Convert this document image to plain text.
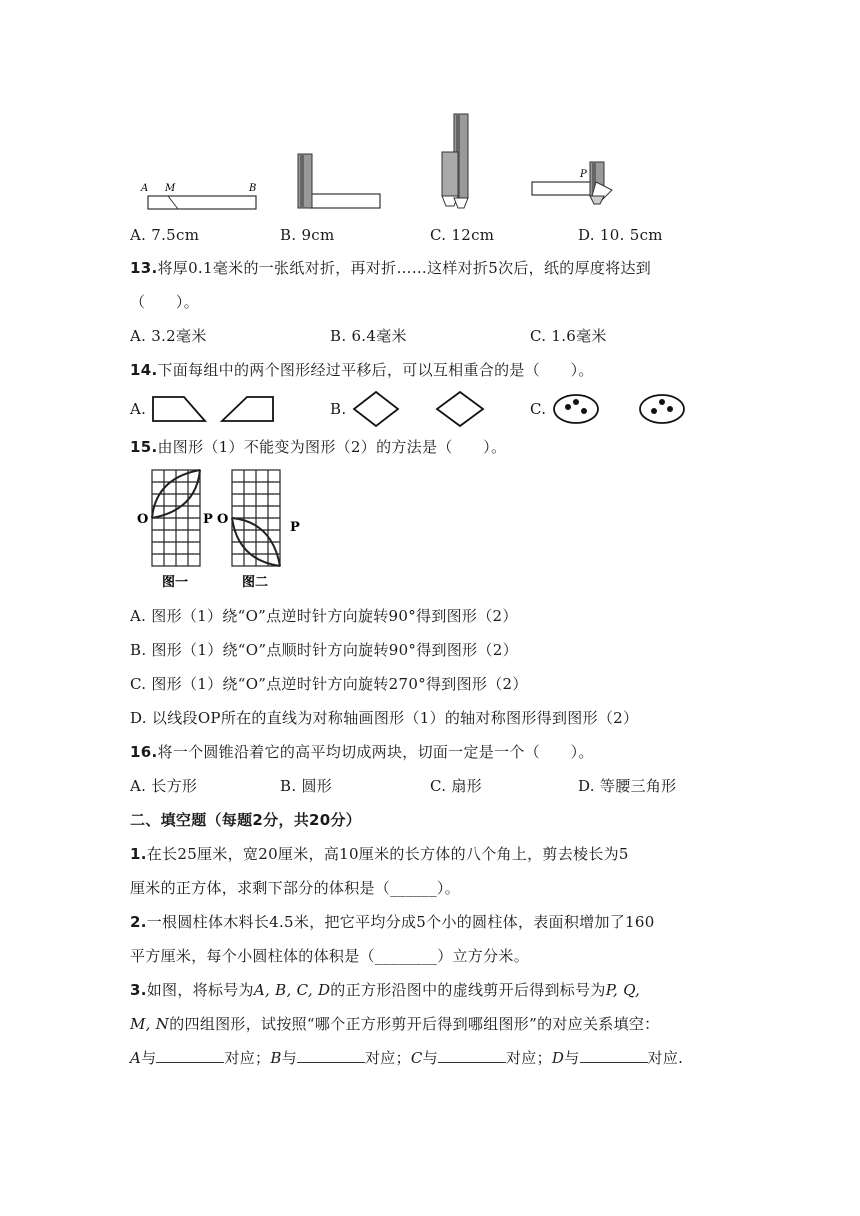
A M	B
P
A. 7.5cm	B. 9cm	C. 12cm	D. 10. 5cm
13.将厚0.1毫米的一张纸对折，再对折……这样对折5次后，纸的厚度将达到
（　　）。
A. 3.2毫米	B. 6.4毫米	C. 1.6毫米
14.下面每组中的两个图形经过平移后，可以互相重合的是（　　）。
A.	B.	C.
15.由图形（1）不能变为图形（2）的方法是（　　）。
O	P O
P
图一	图二
A. 图形（1）绕“O”点逆时针方向旋转90°得到图形（2）
B. 图形（1）绕“O”点顺时针方向旋转90°得到图形（2）
C. 图形（1）绕“O”点逆时针方向旋转270°得到图形（2）
D. 以线段OP所在的直线为对称轴画图形（1）的轴对称图形得到图形（2）
16.将一个圆锥沿着它的高平均切成两块，切面一定是一个（　　）。
A. 长方形	B. 圆形	C. 扇形	D. 等腰三角形
二、填空题（每题2分，共20分）
1.在长25厘米，宽20厘米，高10厘米的长方体的八个角上，剪去棱长为5
厘米的正方体，求剩下部分的体积是（______）。
2.一根圆柱体木料长4.5米，把它平均分成5个小的圆柱体，表面积增加了160
平方厘米，每个小圆柱体的体积是（________）立方分米。
3.如图，将标号为A, B, C, D的正方形沿图中的虚线剪开后得到标号为P, Q,
M, N的四组图形，试按照“哪个正方形剪开后得到哪组图形”的对应关系填空：
A与	对应；B与	对应；C与	对应；D与	对应.
